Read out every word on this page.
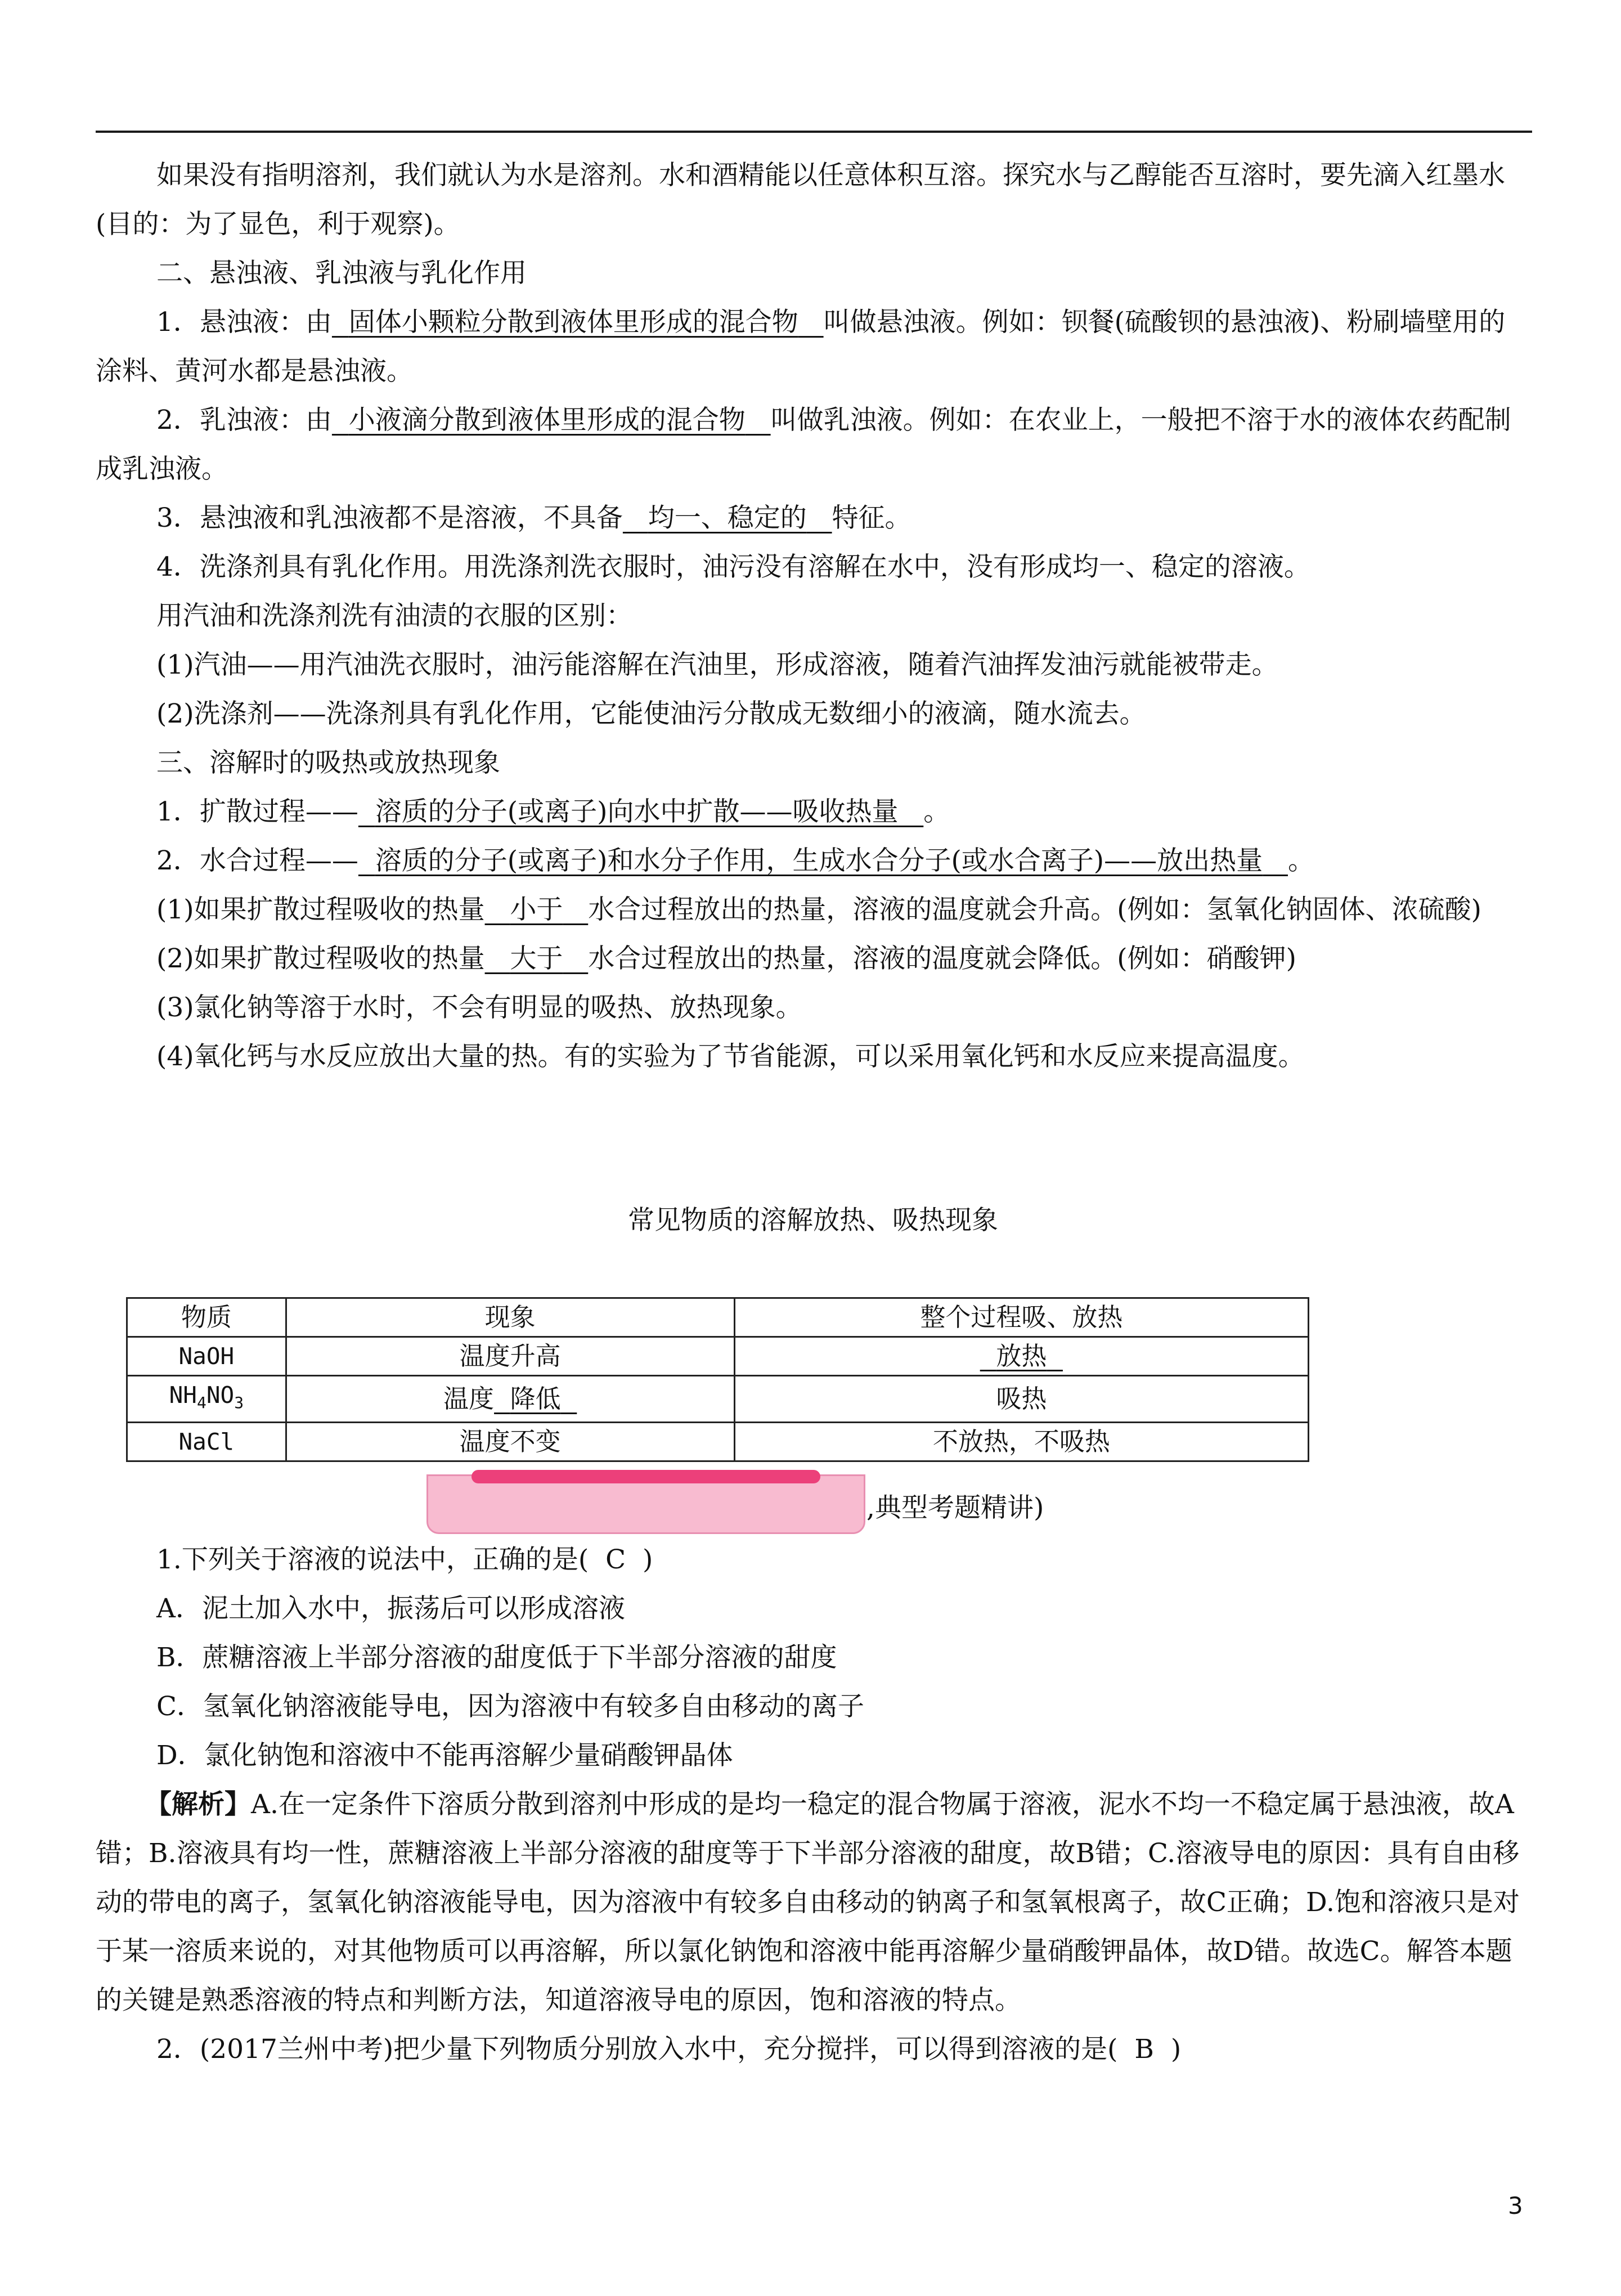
如果没有指明溶剂，我们就认为水是溶剂。水和酒精能以任意体积互溶。探究水与乙醇能否互溶时，要先滴入红墨水(目的：为了显色，利于观察)。

二、悬浊液、乳浊液与乳化作用

1．悬浊液：由 固体小颗粒分散到液体里形成的混合物 叫做悬浊液。例如：钡餐(硫酸钡的悬浊液)、粉刷墙壁用的涂料、黄河水都是悬浊液。

2．乳浊液：由 小液滴分散到液体里形成的混合物 叫做乳浊液。例如：在农业上，一般把不溶于水的液体农药配制成乳浊液。

3．悬浊液和乳浊液都不是溶液，不具备 均一、稳定的 特征。

4．洗涤剂具有乳化作用。用洗涤剂洗衣服时，油污没有溶解在水中，没有形成均一、稳定的溶液。

用汽油和洗涤剂洗有油渍的衣服的区别：

(1)汽油——用汽油洗衣服时，油污能溶解在汽油里，形成溶液，随着汽油挥发油污就能被带走。

(2)洗涤剂——洗涤剂具有乳化作用，它能使油污分散成无数细小的液滴，随水流去。

三、溶解时的吸热或放热现象

1．扩散过程—— 溶质的分子(或离子)向水中扩散——吸收热量 。

2．水合过程—— 溶质的分子(或离子)和水分子作用，生成水合分子(或水合离子)——放出热量 。

(1)如果扩散过程吸收的热量 小于 水合过程放出的热量，溶液的温度就会升高。(例如：氢氧化钠固体、浓硫酸)

(2)如果扩散过程吸收的热量 大于 水合过程放出的热量，溶液的温度就会降低。(例如：硝酸钾)

(3)氯化钠等溶于水时，不会有明显的吸热、放热现象。

(4)氧化钙与水反应放出大量的热。有的实验为了节省能源，可以采用氧化钙和水反应来提高温度。

常见物质的溶解放热、吸热现象
物质	现象	整个过程吸、放热
NaOH	温度升高	放热
$NH_4NO_3$	温度 降低	吸热
NaCl	温度不变	不放热，不吸热
,典型考题精讲)

1.下列关于溶液的说法中，正确的是( C )

A．泥土加入水中，振荡后可以形成溶液

B．蔗糖溶液上半部分溶液的甜度低于下半部分溶液的甜度

C．氢氧化钠溶液能导电，因为溶液中有较多自由移动的离子

D．氯化钠饱和溶液中不能再溶解少量硝酸钾晶体

【解析】A.在一定条件下溶质分散到溶剂中形成的是均一稳定的混合物属于溶液，泥水不均一不稳定属于悬浊液，故A错；B.溶液具有均一性，蔗糖溶液上半部分溶液的甜度等于下半部分溶液的甜度，故B错；C.溶液导电的原因：具有自由移动的带电的离子，氢氧化钠溶液能导电，因为溶液中有较多自由移动的钠离子和氢氧根离子，故C正确；D.饱和溶液只是对于某一溶质来说的，对其他物质可以再溶解，所以氯化钠饱和溶液中能再溶解少量硝酸钾晶体，故D错。故选C。解答本题的关键是熟悉溶液的特点和判断方法，知道溶液导电的原因，饱和溶液的特点。

2．(2017兰州中考)把少量下列物质分别放入水中，充分搅拌，可以得到溶液的是( B )

3
